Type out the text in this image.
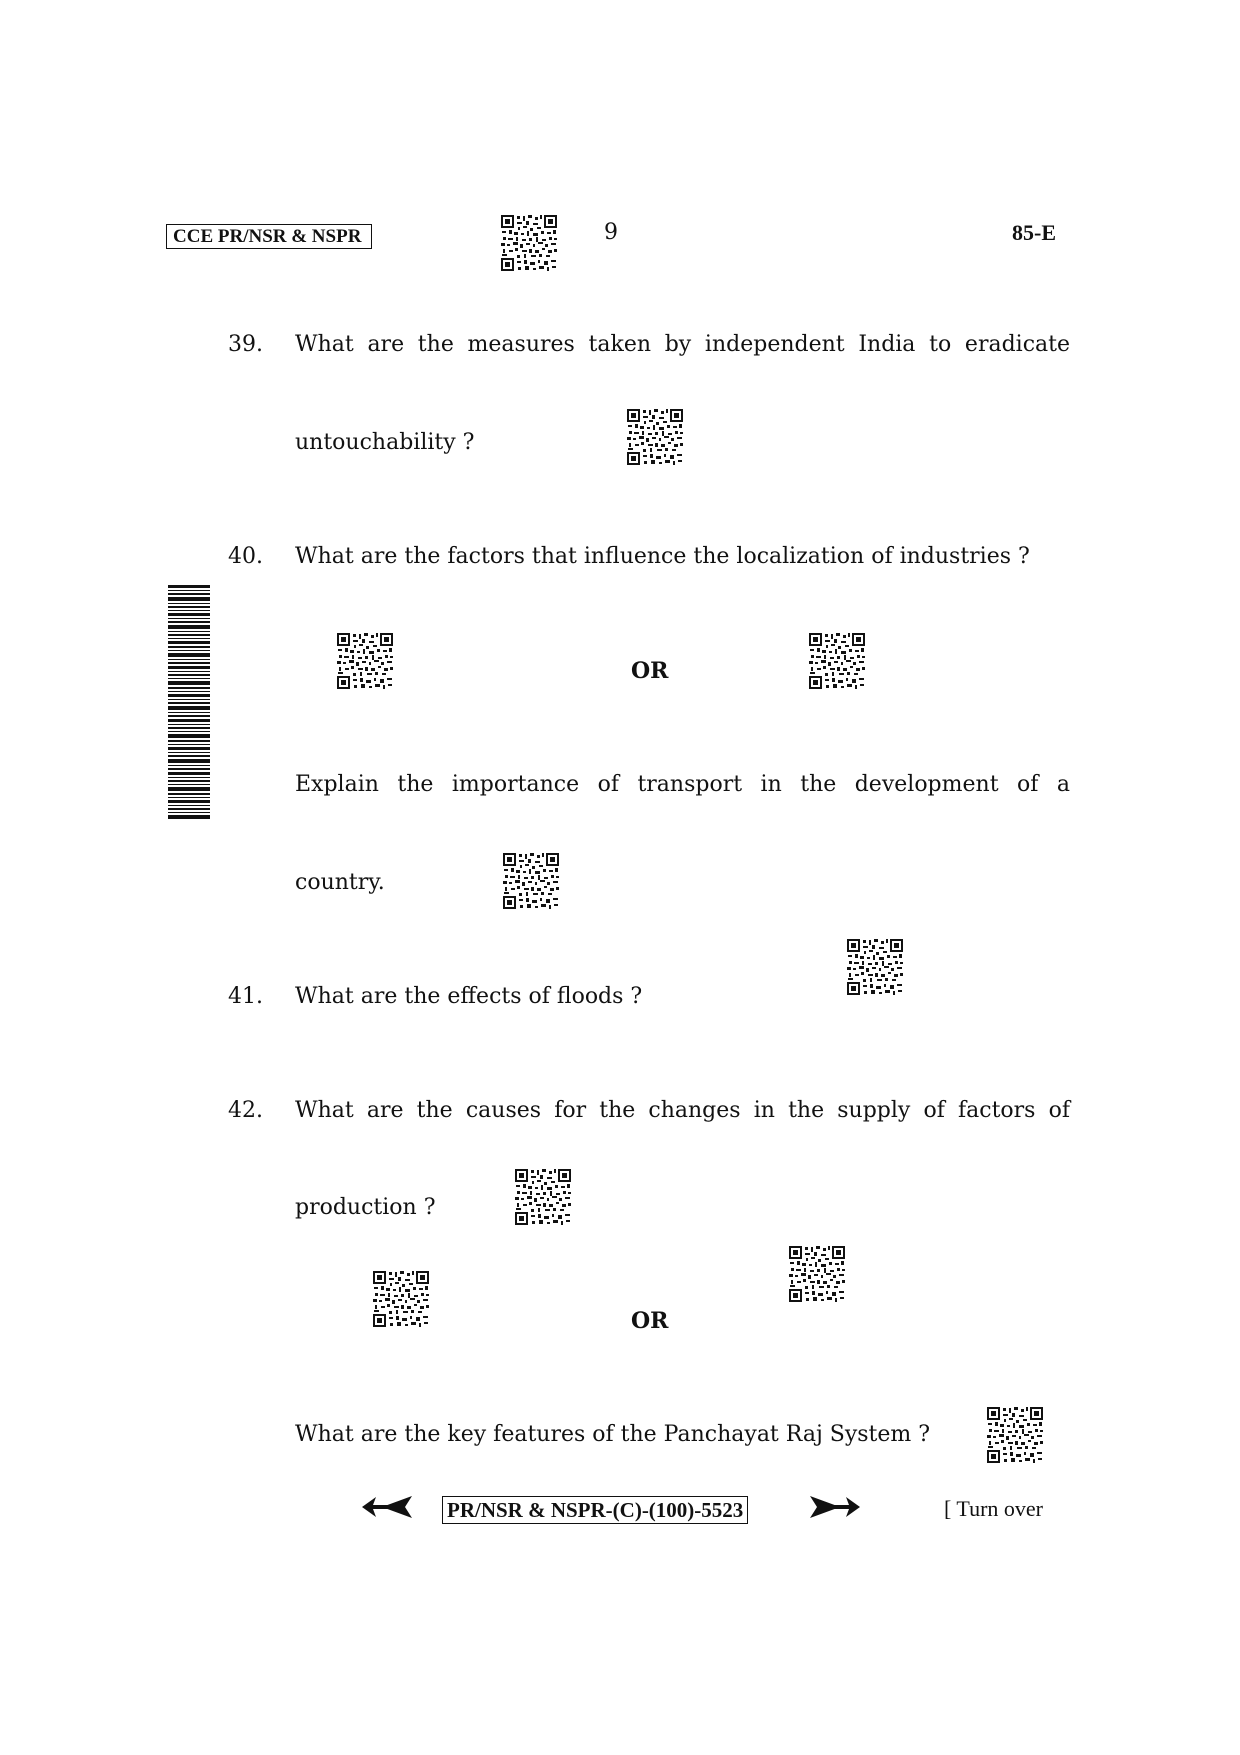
CCE PR/NSR & NSPR	9	85-E
39. What are the measures taken by independent India to eradicate
untouchability ?
40. What are the factors that influence the localization of industries ?
OR
Explain the importance of transport in the development of a
country.
41. What are the effects of floods ?
42. What are the causes for the changes in the supply of factors of
production ?
OR
What are the key features of the Panchayat Raj System ?
PR/NSR & NSPR-(C)-(100)-5523	[ Turn over
